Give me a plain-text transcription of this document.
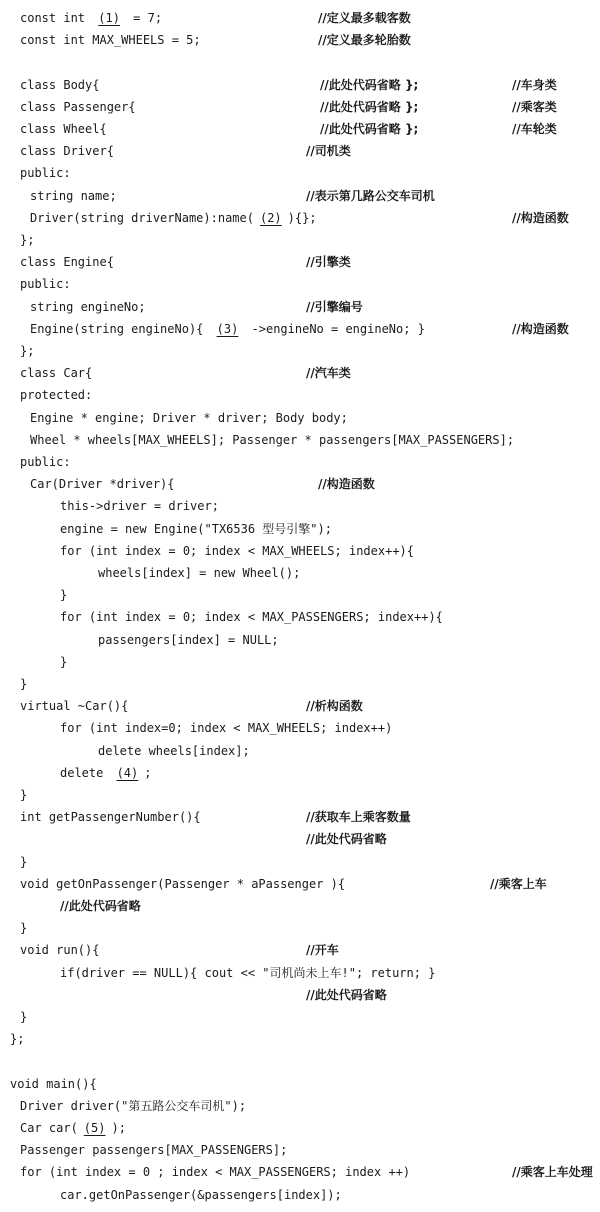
const int (1) = 7;	//定义最多载客数
const int MAX_WHEELS = 5;	//定义最多轮胎数
class Body{	//此处代码省略 };	//车身类
class Passenger{	//此处代码省略 };	//乘客类
class Wheel{	//此处代码省略 };	//车轮类
class Driver{	//司机类
public:
string name;	//表示第几路公交车司机
Driver(string driverName):name( (2) ){};	//构造函数
};
class Engine{	//引擎类
public:
string engineNo;	//引擎编号
Engine(string engineNo){ (3) ->engineNo = engineNo; }	//构造函数
};
class Car{	//汽车类
protected:
Engine * engine; Driver * driver; Body body;
Wheel * wheels[MAX_WHEELS]; Passenger * passengers[MAX_PASSENGERS];
public:
Car(Driver *driver){	//构造函数
this->driver = driver;
engine = new Engine("TX6536 型号引擎");
for (int index = 0; index < MAX_WHEELS; index++){
wheels[index] = new Wheel();
}
for (int index = 0; index < MAX_PASSENGERS; index++){
passengers[index] = NULL;
}
}
virtual ~Car(){	//析构函数
for (int index=0; index < MAX_WHEELS; index++)
delete wheels[index];
delete (4) ;
}
int getPassengerNumber(){	//获取车上乘客数量
//此处代码省略
}
void getOnPassenger(Passenger * aPassenger ){	//乘客上车
//此处代码省略
}
void run(){	//开车
if(driver == NULL){ cout << "司机尚未上车!"; return; }
//此处代码省略
}
};
void main(){
Driver driver("第五路公交车司机");
Car car( (5) );
Passenger passengers[MAX_PASSENGERS];
for (int index = 0 ; index < MAX_PASSENGERS; index ++)	//乘客上车处理
car.getOnPassenger(&passengers[index]);
